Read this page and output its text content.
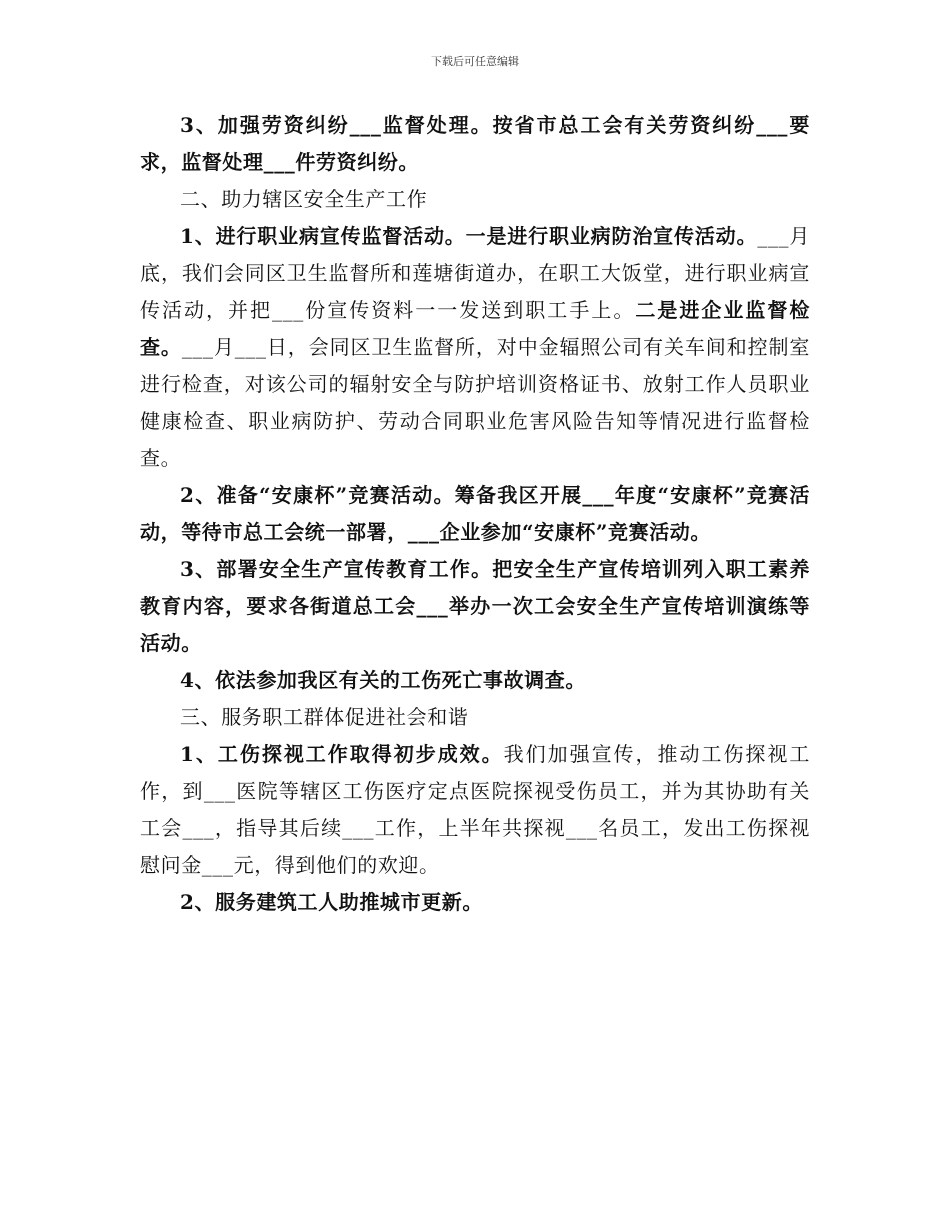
下载后可任意编辑

3、加强劳资纠纷___监督处理。按省市总工会有关劳资纠纷___要求，监督处理___件劳资纠纷。

二、助力辖区安全生产工作

1、进行职业病宣传监督活动。一是进行职业病防治宣传活动。___月底，我们会同区卫生监督所和莲塘街道办，在职工大饭堂，进行职业病宣传活动，并把___份宣传资料一一发送到职工手上。二是进企业监督检查。___月___日，会同区卫生监督所，对中金辐照公司有关车间和控制室进行检查，对该公司的辐射安全与防护培训资格证书、放射工作人员职业健康检查、职业病防护、劳动合同职业危害风险告知等情况进行监督检查。

2、准备“安康杯”竞赛活动。筹备我区开展___年度“安康杯”竞赛活动，等待市总工会统一部署，___企业参加“安康杯”竞赛活动。

3、部署安全生产宣传教育工作。把安全生产宣传培训列入职工素养教育内容，要求各街道总工会___举办一次工会安全生产宣传培训演练等活动。

4、依法参加我区有关的工伤死亡事故调查。

三、服务职工群体促进社会和谐

1、工伤探视工作取得初步成效。我们加强宣传，推动工伤探视工作，到___医院等辖区工伤医疗定点医院探视受伤员工，并为其协助有关工会___，指导其后续___工作，上半年共探视___名员工，发出工伤探视慰问金___元，得到他们的欢迎。

2、服务建筑工人助推城市更新。
